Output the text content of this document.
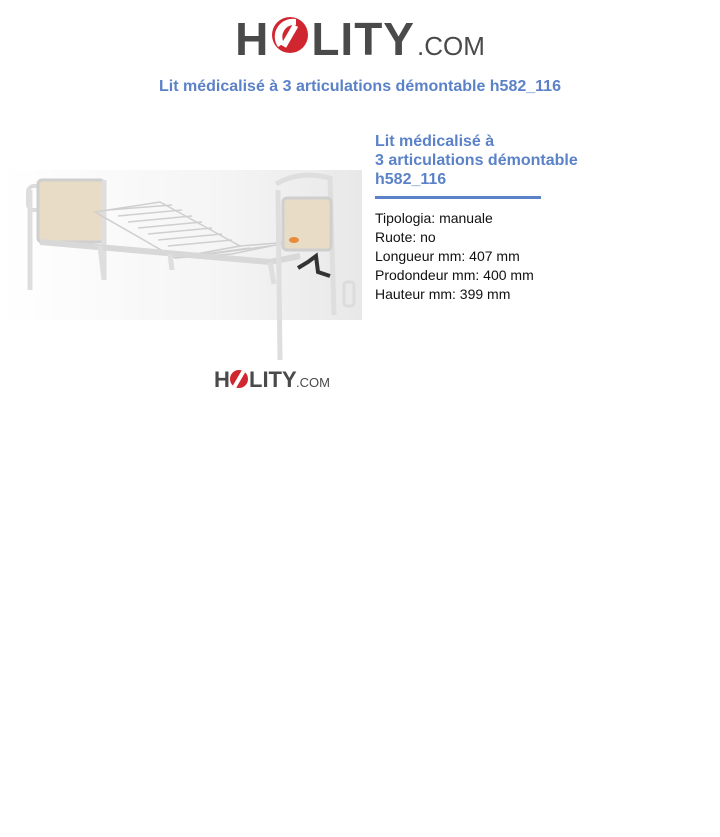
H LITY .COM
Lit médicalisé à 3 articulations démontable h582_116
H LITY .COM
Lit médicalisé à
3 articulations démontable
h582_116
Tipologia: manuale
Ruote: no
Longueur mm: 407 mm
Prodondeur mm: 400 mm
Hauteur mm: 399 mm
